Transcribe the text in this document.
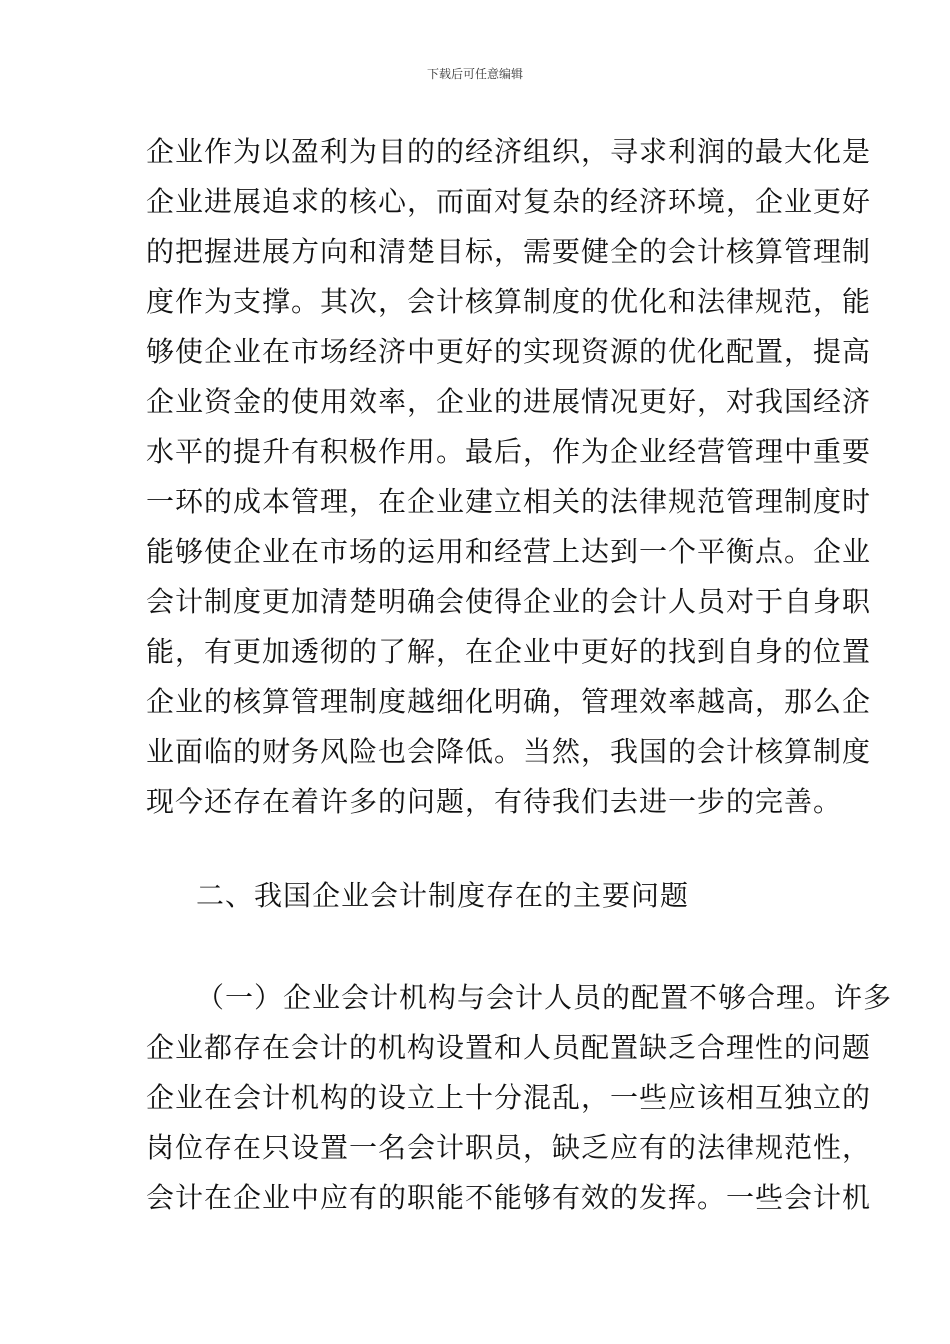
下载后可任意编辑
企业作为以盈利为目的的经济组织，寻求利润的最大化是
企业进展追求的核心，而面对复杂的经济环境，企业更好
的把握进展方向和清楚目标，需要健全的会计核算管理制
度作为支撑。其次，会计核算制度的优化和法律规范，能
够使企业在市场经济中更好的实现资源的优化配置，提高
企业资金的使用效率，企业的进展情况更好，对我国经济
水平的提升有积极作用。最后，作为企业经营管理中重要
一环的成本管理，在企业建立相关的法律规范管理制度时
能够使企业在市场的运用和经营上达到一个平衡点。企业
会计制度更加清楚明确会使得企业的会计人员对于自身职
能，有更加透彻的了解，在企业中更好的找到自身的位置
企业的核算管理制度越细化明确，管理效率越高，那么企
业面临的财务风险也会降低。当然，我国的会计核算制度
现今还存在着许多的问题，有待我们去进一步的完善。
二、我国企业会计制度存在的主要问题
（一）企业会计机构与会计人员的配置不够合理。许多
企业都存在会计的机构设置和人员配置缺乏合理性的问题
企业在会计机构的设立上十分混乱，一些应该相互独立的
岗位存在只设置一名会计职员，缺乏应有的法律规范性，
会计在企业中应有的职能不能够有效的发挥。一些会计机
